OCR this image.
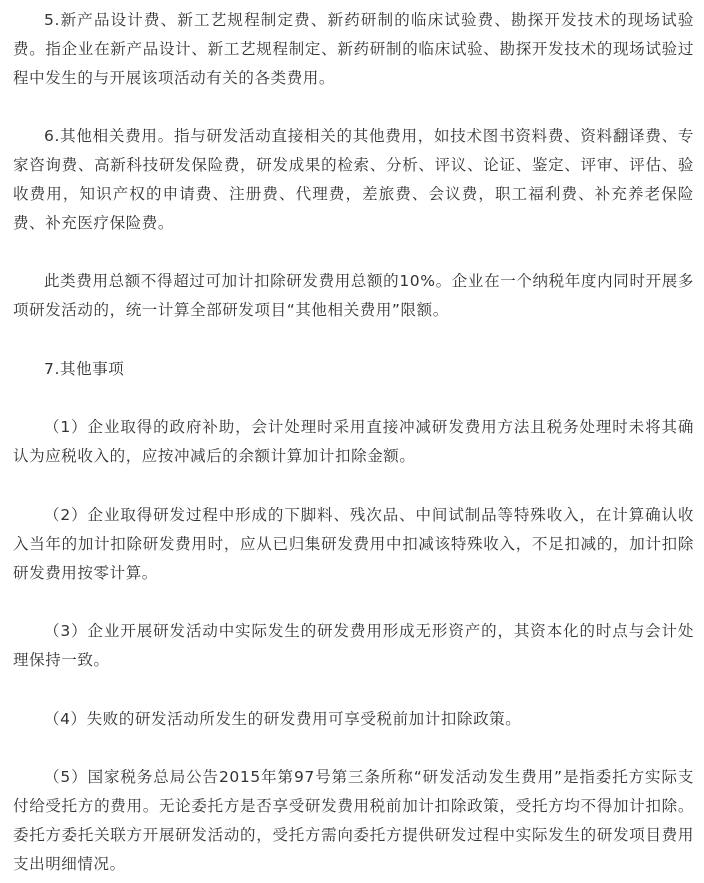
5.新产品设计费、新工艺规程制定费、新药研制的临床试验费、勘探开发技术的现场试验费。指企业在新产品设计、新工艺规程制定、新药研制的临床试验、勘探开发技术的现场试验过程中发生的与开展该项活动有关的各类费用。

6.其他相关费用。指与研发活动直接相关的其他费用，如技术图书资料费、资料翻译费、专家咨询费、高新科技研发保险费，研发成果的检索、分析、评议、论证、鉴定、评审、评估、验收费用，知识产权的申请费、注册费、代理费，差旅费、会议费，职工福利费、补充养老保险费、补充医疗保险费。

此类费用总额不得超过可加计扣除研发费用总额的10%。企业在一个纳税年度内同时开展多项研发活动的，统一计算全部研发项目“其他相关费用”限额。

7.其他事项

（1）企业取得的政府补助，会计处理时采用直接冲减研发费用方法且税务处理时未将其确认为应税收入的，应按冲减后的余额计算加计扣除金额。

（2）企业取得研发过程中形成的下脚料、残次品、中间试制品等特殊收入，在计算确认收入当年的加计扣除研发费用时，应从已归集研发费用中扣减该特殊收入，不足扣减的，加计扣除研发费用按零计算。

（3）企业开展研发活动中实际发生的研发费用形成无形资产的，其资本化的时点与会计处理保持一致。

（4）失败的研发活动所发生的研发费用可享受税前加计扣除政策。

（5）国家税务总局公告2015年第97号第三条所称“研发活动发生费用”是指委托方实际支付给受托方的费用。无论委托方是否享受研发费用税前加计扣除政策，受托方均不得加计扣除。委托方委托关联方开展研发活动的，受托方需向委托方提供研发过程中实际发生的研发项目费用支出明细情况。
